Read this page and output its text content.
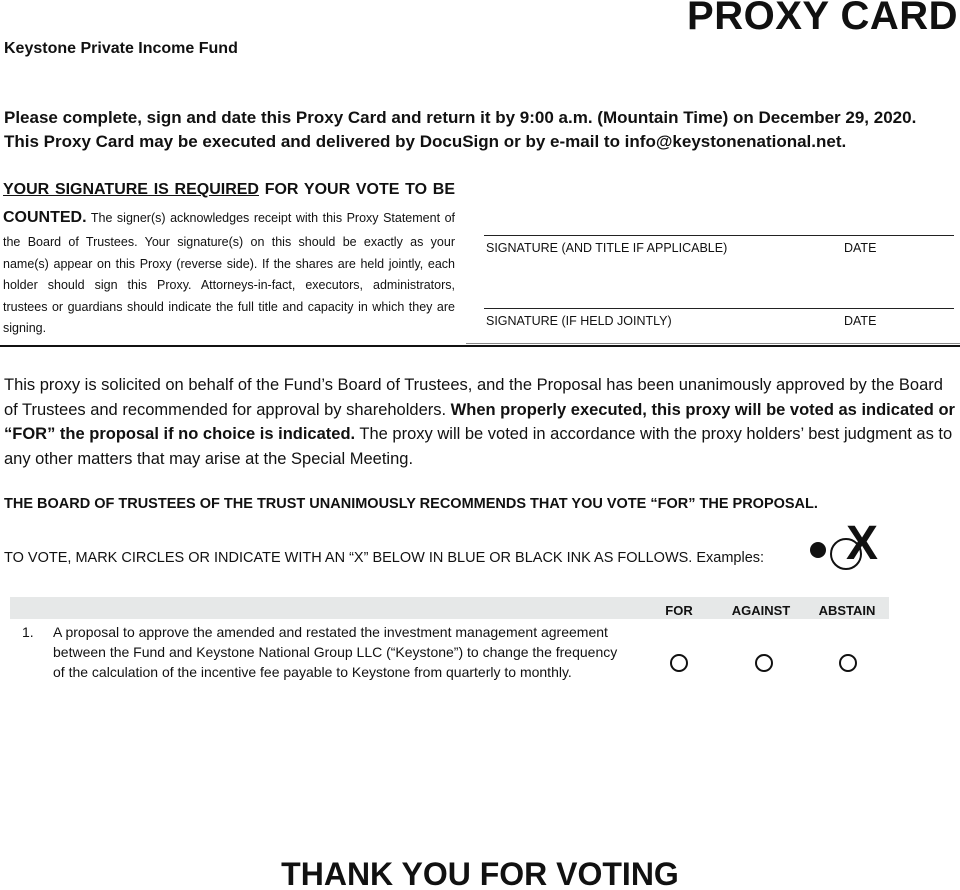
PROXY CARD
Keystone Private Income Fund
Please complete, sign and date this Proxy Card and return it by 9:00 a.m. (Mountain Time) on December 29, 2020.
This Proxy Card may be executed and delivered by DocuSign or by e-mail to info@keystonenational.net.
YOUR SIGNATURE IS REQUIRED FOR YOUR VOTE TO BE COUNTED. The signer(s) acknowledges receipt with this Proxy Statement of the Board of Trustees. Your signature(s) on this should be exactly as your name(s) appear on this Proxy (reverse side). If the shares are held jointly, each holder should sign this Proxy. Attorneys-in-fact, executors, administrators, trustees or guardians should indicate the full title and capacity in which they are signing.
SIGNATURE (AND TITLE IF APPLICABLE)	DATE
SIGNATURE (IF HELD JOINTLY)	DATE
This proxy is solicited on behalf of the Fund’s Board of Trustees, and the Proposal has been unanimously approved by the Board of Trustees and recommended for approval by shareholders. When properly executed, this proxy will be voted as indicated or “FOR” the proposal if no choice is indicated. The proxy will be voted in accordance with the proxy holders’ best judgment as to any other matters that may arise at the Special Meeting.
THE BOARD OF TRUSTEES OF THE TRUST UNANIMOUSLY RECOMMENDS THAT YOU VOTE “FOR” THE PROPOSAL.
TO VOTE, MARK CIRCLES OR INDICATE WITH AN “X” BELOW IN BLUE OR BLACK INK AS FOLLOWS. Examples: X
FOR	AGAINST	ABSTAIN
1. A proposal to approve the amended and restated the investment management agreement between the Fund and Keystone National Group LLC (“Keystone”) to change the frequency of the calculation of the incentive fee payable to Keystone from quarterly to monthly.
THANK YOU FOR VOTING
